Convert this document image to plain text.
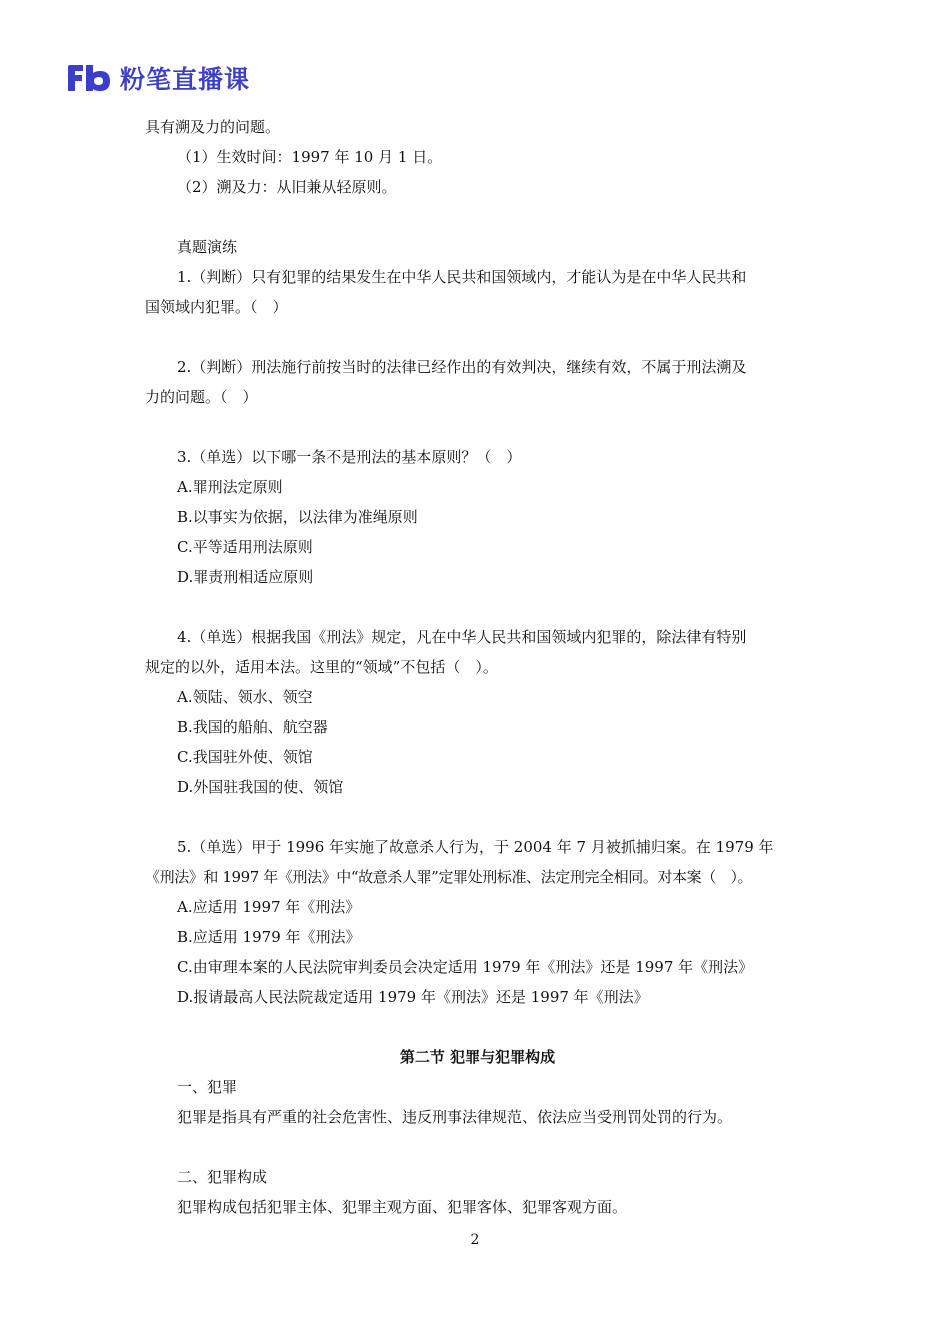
粉笔直播课
具有溯及力的问题。
（1）生效时间：1997 年 10 月 1 日。
（2）溯及力：从旧兼从轻原则。
真题演练
1.（判断）只有犯罪的结果发生在中华人民共和国领域内，才能认为是在中华人民共和
国领域内犯罪。（　）
2.（判断）刑法施行前按当时的法律已经作出的有效判决，继续有效，不属于刑法溯及
力的问题。（　）
3.（单选）以下哪一条不是刑法的基本原则？（　）
A.罪刑法定原则
B.以事实为依据，以法律为准绳原则
C.平等适用刑法原则
D.罪责刑相适应原则
4.（单选）根据我国《刑法》规定，凡在中华人民共和国领域内犯罪的，除法律有特别
规定的以外，适用本法。这里的“领域”不包括（　）。
A.领陆、领水、领空
B.我国的船舶、航空器
C.我国驻外使、领馆
D.外国驻我国的使、领馆
5.（单选）甲于 1996 年实施了故意杀人行为，于 2004 年 7 月被抓捕归案。在 1979 年
《刑法》和 1997 年《刑法》中“故意杀人罪”定罪处刑标准、法定刑完全相同。对本案（　）。
A.应适用 1997 年《刑法》
B.应适用 1979 年《刑法》
C.由审理本案的人民法院审判委员会决定适用 1979 年《刑法》还是 1997 年《刑法》
D.报请最高人民法院裁定适用 1979 年《刑法》还是 1997 年《刑法》
第二节 犯罪与犯罪构成
一、犯罪
犯罪是指具有严重的社会危害性、违反刑事法律规范、依法应当受刑罚处罚的行为。
二、犯罪构成
犯罪构成包括犯罪主体、犯罪主观方面、犯罪客体、犯罪客观方面。
2
